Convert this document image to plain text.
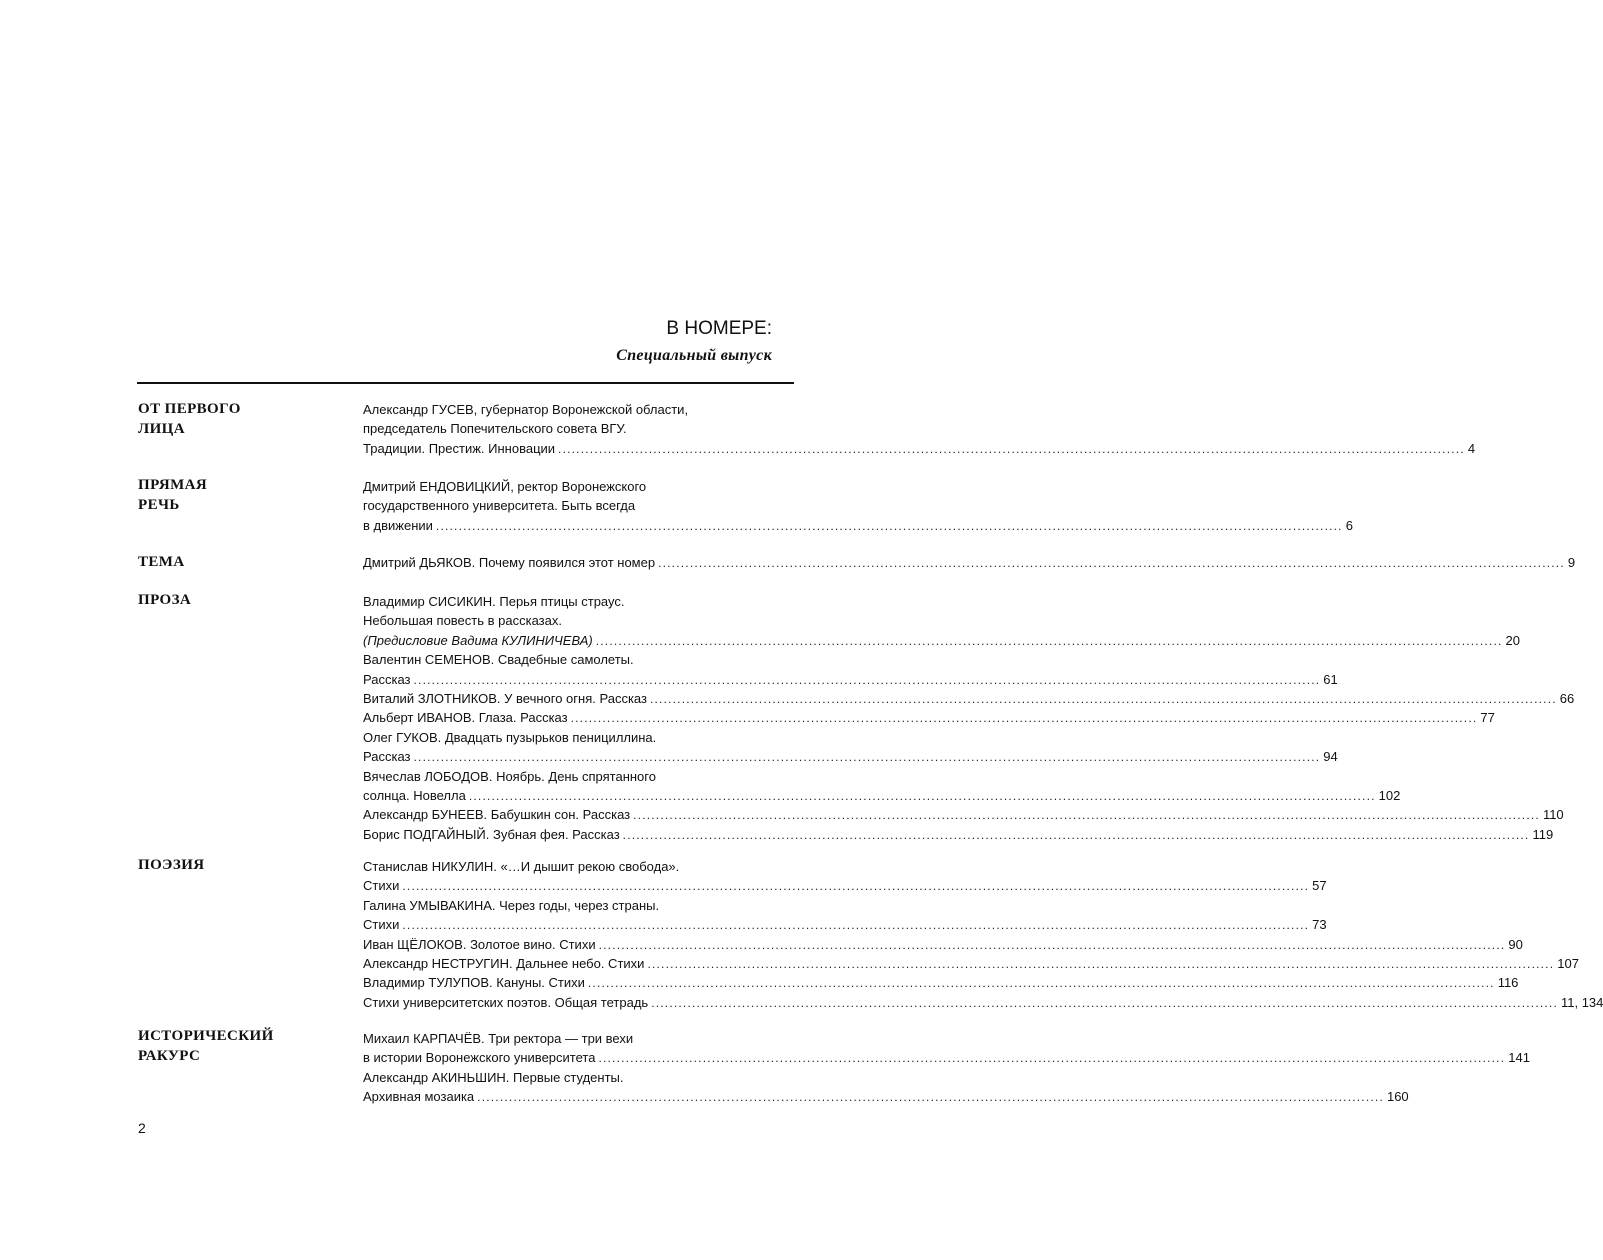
В НОМЕРЕ:
Специальный выпуск
ОТ ПЕРВОГО
ЛИЦА
ПРЯМАЯ
РЕЧЬ
ТЕМА
ПРОЗА
ПОЭЗИЯ
ИСТОРИЧЕСКИЙ
РАКУРС
Александр ГУСЕВ, губернатор Воронежской области,
председатель Попечительского совета ВГУ.
Традиции. Престиж. Инновации ........................................................................................................................................................................................................ 4
Дмитрий ЕНДОВИЦКИЙ, ректор Воронежского
государственного университета. Быть всегда
в движении ........................................................................................................................................................................................................ 6
Дмитрий ДЬЯКОВ. Почему появился этот номер ........................................................................................................................................................................................................ 9
Владимир СИСИКИН. Перья птицы страус.
Небольшая повесть в рассказах.
(Предисловие Вадима КУЛИНИЧЕВА) ........................................................................................................................................................................................................ 20
Валентин СЕМЕНОВ. Свадебные самолеты.
Рассказ ........................................................................................................................................................................................................ 61
Виталий ЗЛОТНИКОВ. У вечного огня. Рассказ ........................................................................................................................................................................................................ 66
Альберт ИВАНОВ. Глаза. Рассказ ........................................................................................................................................................................................................ 77
Олег ГУКОВ. Двадцать пузырьков пенициллина.
Рассказ ........................................................................................................................................................................................................ 94
Вячеслав ЛОБОДОВ. Ноябрь. День спрятанного
солнца. Новелла ........................................................................................................................................................................................................ 102
Александр БУНЕЕВ. Бабушкин сон. Рассказ ........................................................................................................................................................................................................ 110
Борис ПОДГАЙНЫЙ. Зубная фея. Рассказ ........................................................................................................................................................................................................ 119
Станислав НИКУЛИН. «…И дышит рекою свобода».
Стихи ........................................................................................................................................................................................................ 57
Галина УМЫВАКИНА. Через годы, через страны.
Стихи ........................................................................................................................................................................................................ 73
Иван ЩЁЛОКОВ. Золотое вино. Стихи ........................................................................................................................................................................................................ 90
Александр НЕСТРУГИН. Дальнее небо. Стихи ........................................................................................................................................................................................................ 107
Владимир ТУЛУПОВ. Кануны. Стихи ........................................................................................................................................................................................................ 116
Стихи университетских поэтов. Общая тетрадь ........................................................................................................................................................................................................ 11, 134
Михаил КАРПАЧЁВ. Три ректора — три вехи
в истории Воронежского университета ........................................................................................................................................................................................................ 141
Александр АКИНЬШИН. Первые студенты.
Архивная мозаика ........................................................................................................................................................................................................ 160
2
